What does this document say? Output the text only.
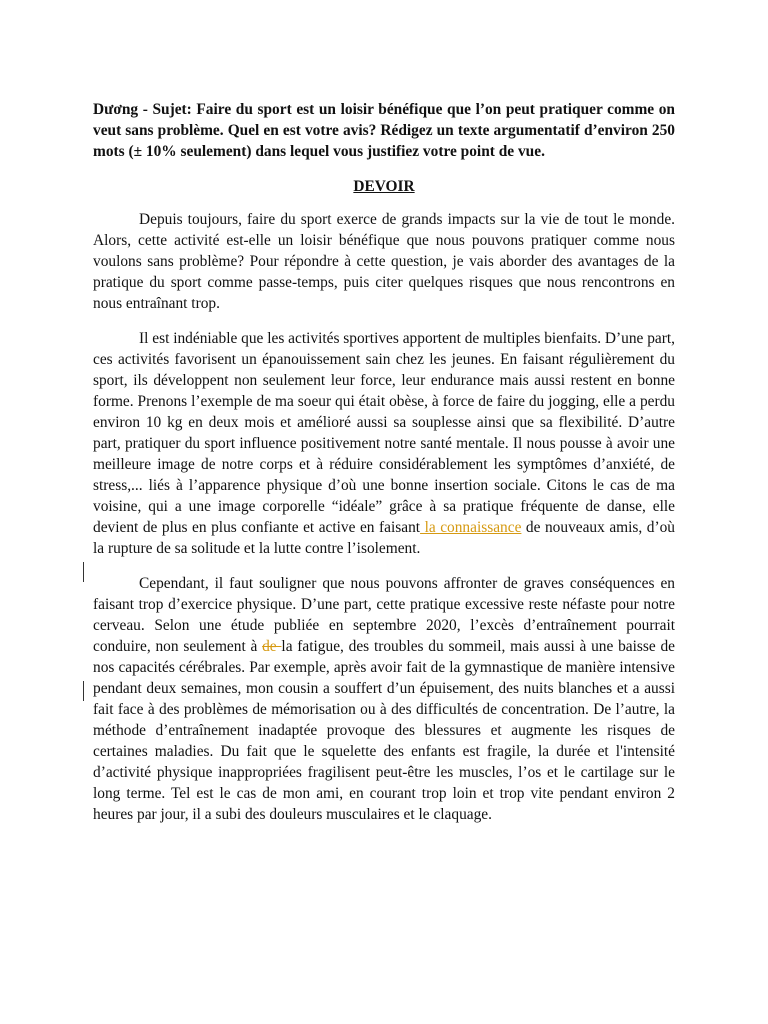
Dương - Sujet: Faire du sport est un loisir bénéfique que l’on peut pratiquer comme on veut sans problème. Quel en est votre avis? Rédigez un texte argumentatif d’environ 250 mots (± 10% seulement) dans lequel vous justifiez votre point de vue.

DEVOIR

Depuis toujours, faire du sport exerce de grands impacts sur la vie de tout le monde. Alors, cette activité est-elle un loisir bénéfique que nous pouvons pratiquer comme nous voulons sans problème? Pour répondre à cette question, je vais aborder des avantages de la pratique du sport comme passe-temps, puis citer quelques risques que nous rencontrons en nous entraînant trop.

Il est indéniable que les activités sportives apportent de multiples bienfaits. D’une part, ces activités favorisent un épanouissement sain chez les jeunes. En faisant régulièrement du sport, ils développent non seulement leur force, leur endurance mais aussi restent en bonne forme. Prenons l’exemple de ma soeur qui était obèse, à force de faire du jogging, elle a perdu environ 10 kg en deux mois et amélioré aussi sa souplesse ainsi que sa flexibilité. D’autre part, pratiquer du sport influence positivement notre santé mentale. Il nous pousse à avoir une meilleure image de notre corps et à réduire considérablement les symptômes d’anxiété, de stress,... liés à l’apparence physique d’où une bonne insertion sociale. Citons le cas de ma voisine, qui a une image corporelle “idéale” grâce à sa pratique fréquente de danse, elle devient de plus en plus confiante et active en faisant la connaissance de nouveaux amis, d’où la rupture de sa solitude et la lutte contre l’isolement.

Cependant, il faut souligner que nous pouvons affronter de graves conséquences en faisant trop d’exercice physique. D’une part, cette pratique excessive reste néfaste pour notre cerveau. Selon une étude publiée en septembre 2020, l’excès d’entraînement pourrait conduire, non seulement à de la fatigue, des troubles du sommeil, mais aussi à une baisse de nos capacités cérébrales. Par exemple, après avoir fait de la gymnastique de manière intensive pendant deux semaines, mon cousin a souffert d’un épuisement, des nuits blanches et a aussi fait face à des problèmes de mémorisation ou à des difficultés de concentration. De l’autre, la méthode d’entraînement inadaptée provoque des blessures et augmente les risques de certaines maladies. Du fait que le squelette des enfants est fragile, la durée et l'intensité d’activité physique inappropriées fragilisent peut-être les muscles, l’os et le cartilage sur le long terme. Tel est le cas de mon ami, en courant trop loin et trop vite pendant environ 2 heures par jour, il a subi des douleurs musculaires et le claquage.
